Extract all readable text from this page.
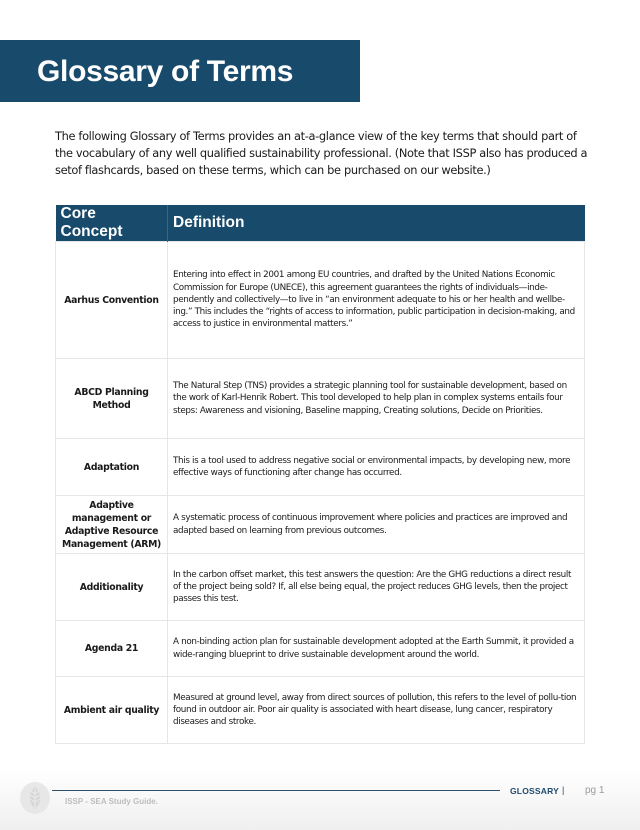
Glossary of Terms

The following Glossary of Terms provides an at-a-glance view of the key terms that should part of the vocabulary of any well qualified sustainability professional. (Note that ISSP also has produced a setof flashcards, based on these terms, which can be purchased on our website.)

Core Concept	Definition
Aarhus Convention	Entering into effect in 2001 among EU countries, and drafted by the United Nations Economic Commission for Europe (UNECE), this agreement guarantees the rights of individuals—inde-pendently and collectively—to live in “an environment adequate to his or her health and wellbe-ing.” This includes the “rights of access to information, public participation in decision-making, and access to justice in environmental matters.”
ABCD Planning Method	The Natural Step (TNS) provides a strategic planning tool for sustainable development, based on the work of Karl-Henrik Robert. This tool developed to help plan in complex systems entails four steps: Awareness and visioning, Baseline mapping, Creating solutions, Decide on Priorities.
Adaptation	This is a tool used to address negative social or environmental impacts, by developing new, more effective ways of functioning after change has occurred.
Adaptive management or Adaptive Resource Management (ARM)	A systematic process of continuous improvement where policies and practices are improved and adapted based on learning from previous outcomes.
Additionality	In the carbon offset market, this test answers the question: Are the GHG reductions a direct result of the project being sold? If, all else being equal, the project reduces GHG levels, then the project passes this test.
Agenda 21	A non-binding action plan for sustainable development adopted at the Earth Summit, it provided a wide-ranging blueprint to drive sustainable development around the world.
Ambient air quality	Measured at ground level, away from direct sources of pollution, this refers to the level of pollu-tion found in outdoor air. Poor air quality is associated with heart disease, lung cancer, respiratory diseases and stroke.
ISSP - SEA Study Guide.
GLOSSARY | pg 1
